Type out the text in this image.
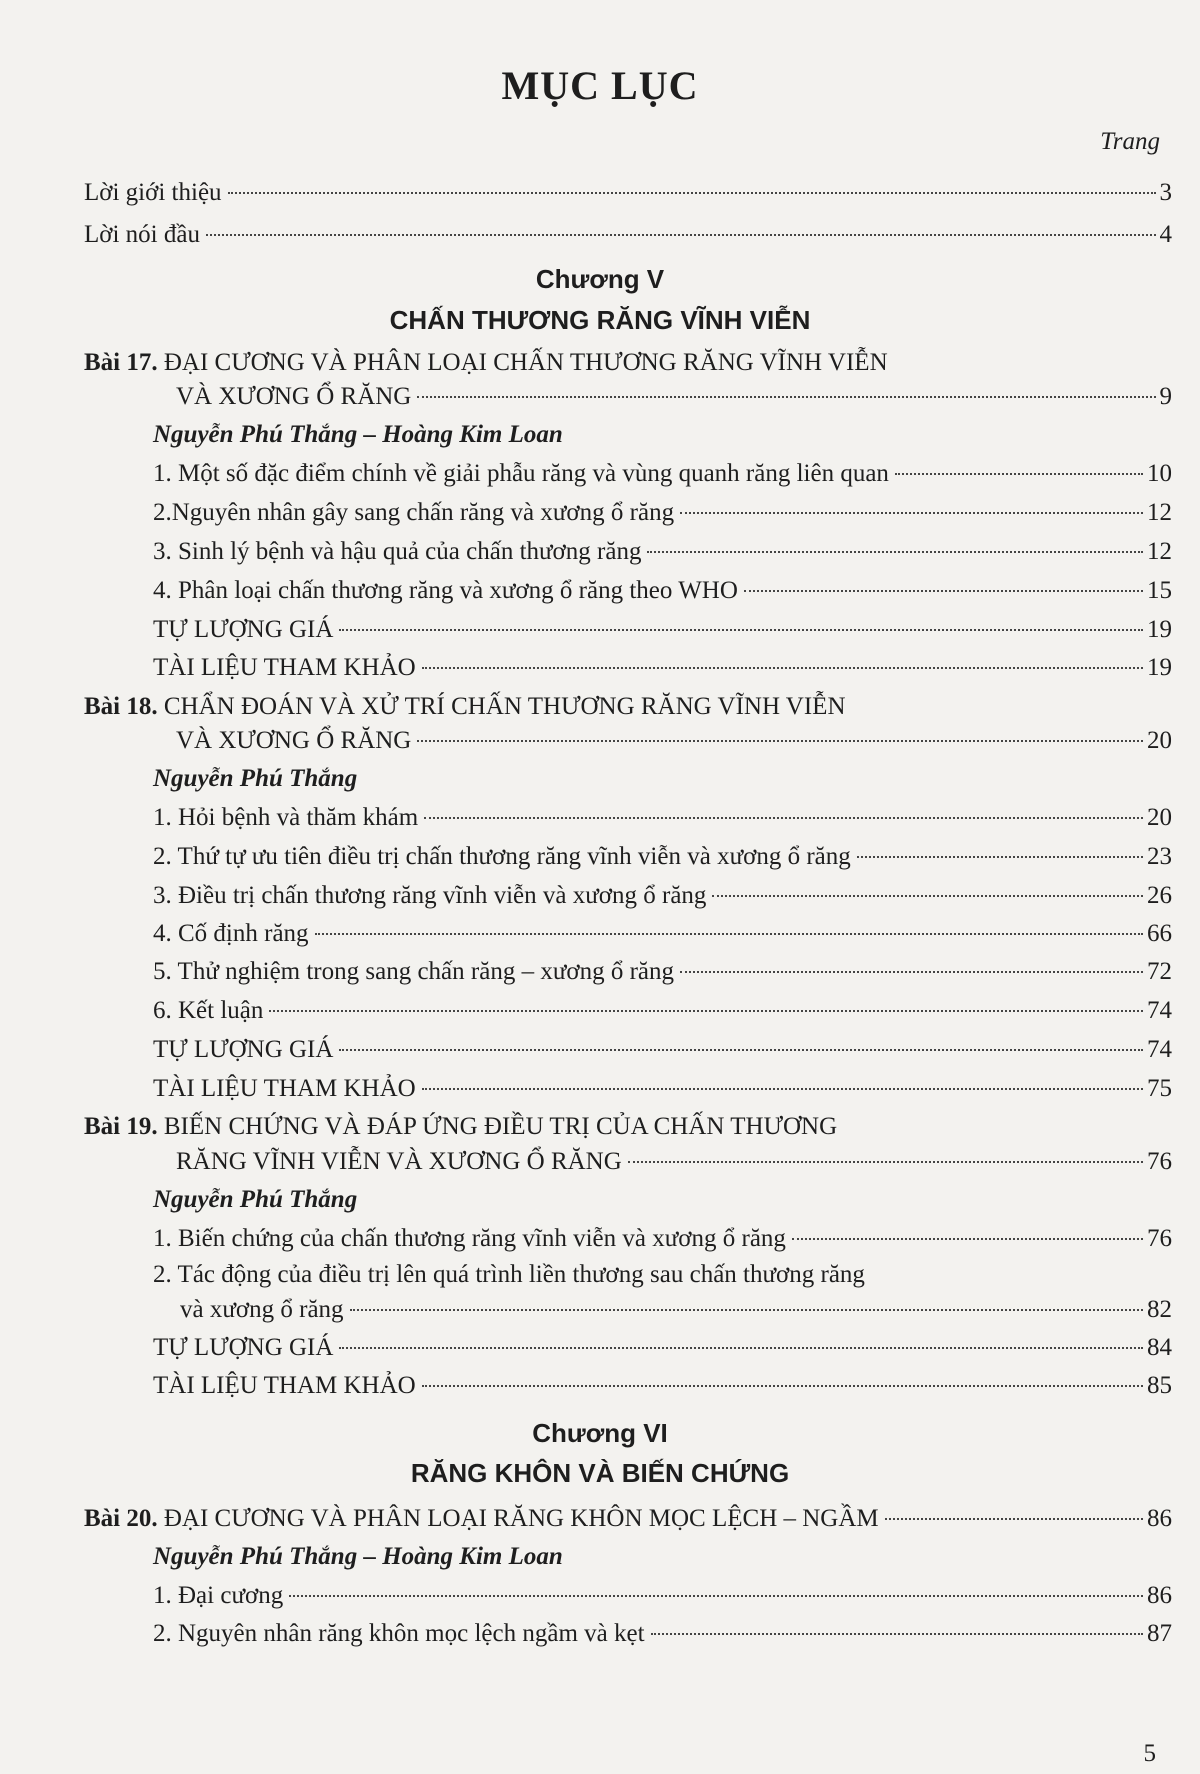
MỤC LỤC
Trang
Lời giới thiệu	3
Lời nói đầu	4
Chương V
CHẤN THƯƠNG RĂNG VĨNH VIỄN
Bài 17. ĐẠI CƯƠNG VÀ PHÂN LOẠI CHẤN THƯƠNG RĂNG VĨNH VIỄN
VÀ XƯƠNG Ổ RĂNG	9
Nguyễn Phú Thắng – Hoàng Kim Loan
1. Một số đặc điểm chính về giải phẫu răng và vùng quanh răng liên quan	10
2.Nguyên nhân gây sang chấn răng và xương ổ răng	12
3. Sinh lý bệnh và hậu quả của chấn thương răng	12
4. Phân loại chấn thương răng và xương ổ răng theo WHO	15
TỰ LƯỢNG GIÁ	19
TÀI LIỆU THAM KHẢO	19
Bài 18. CHẨN ĐOÁN VÀ XỬ TRÍ CHẤN THƯƠNG RĂNG VĨNH VIỄN
VÀ XƯƠNG Ổ RĂNG	20
Nguyễn Phú Thắng
1. Hỏi bệnh và thăm khám	20
2. Thứ tự ưu tiên điều trị chấn thương răng vĩnh viễn và xương ổ răng	23
3. Điều trị chấn thương răng vĩnh viễn và xương ổ răng	26
4. Cố định răng	66
5. Thử nghiệm trong sang chấn răng – xương ổ răng	72
6. Kết luận	74
TỰ LƯỢNG GIÁ	74
TÀI LIỆU THAM KHẢO	75
Bài 19. BIẾN CHỨNG VÀ ĐÁP ỨNG ĐIỀU TRỊ CỦA CHẤN THƯƠNG
RĂNG VĨNH VIỄN VÀ XƯƠNG Ổ RĂNG	76
Nguyễn Phú Thắng
1. Biến chứng của chấn thương răng vĩnh viễn và xương ổ răng	76
2. Tác động của điều trị lên quá trình liền thương sau chấn thương răng
và xương ổ răng	82
TỰ LƯỢNG GIÁ	84
TÀI LIỆU THAM KHẢO	85
Chương VI
RĂNG KHÔN VÀ BIẾN CHỨNG
Bài 20. ĐẠI CƯƠNG VÀ PHÂN LOẠI RĂNG KHÔN MỌC LỆCH – NGẦM	86
Nguyễn Phú Thắng – Hoàng Kim Loan
1. Đại cương	86
2. Nguyên nhân răng khôn mọc lệch ngầm và kẹt	87
5
